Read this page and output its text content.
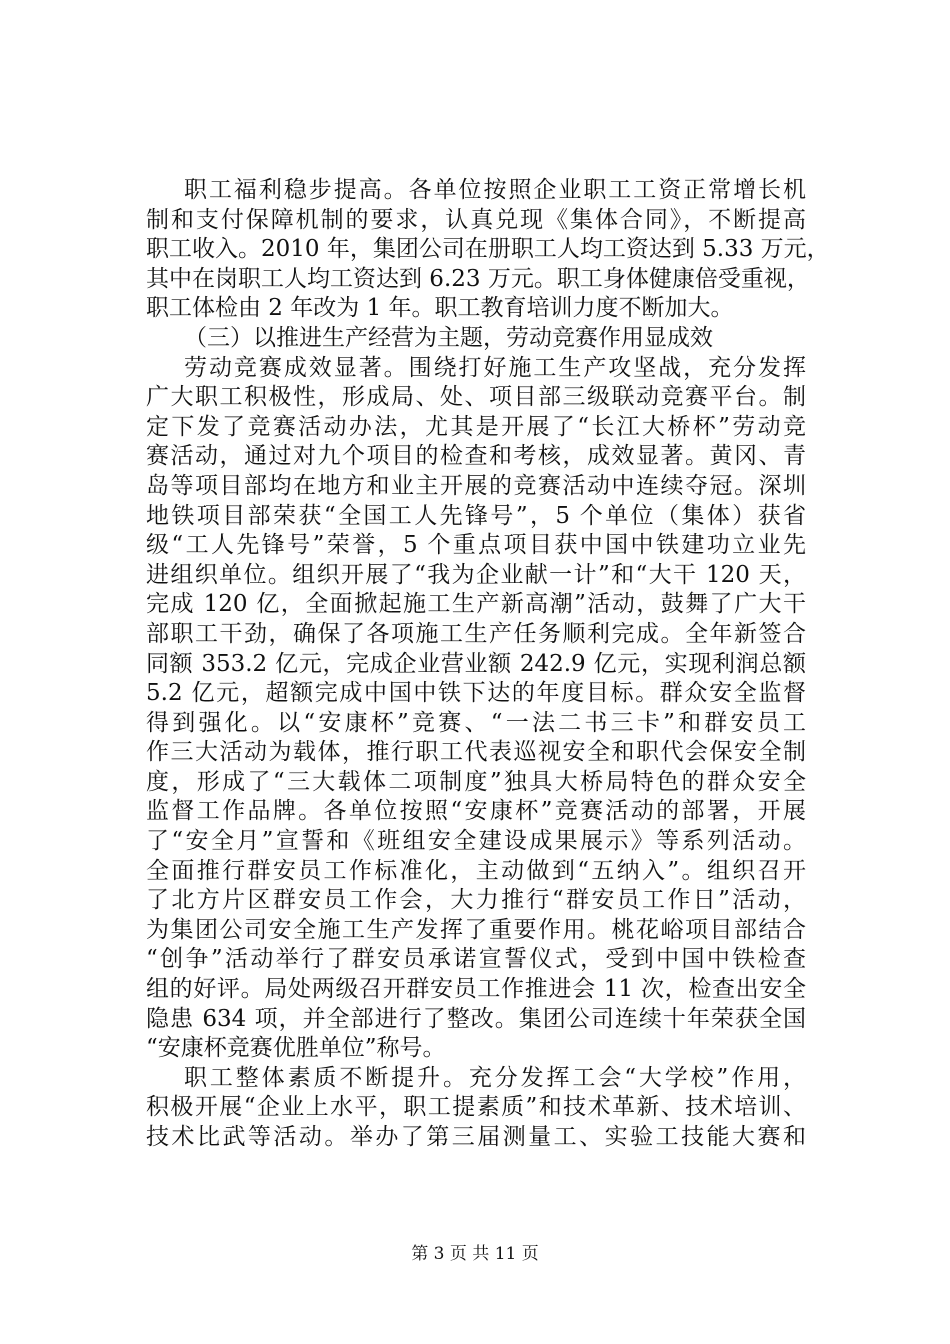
职工福利稳步提高。各单位按照企业职工工资正常增长机
制和支付保障机制的要求，认真兑现《集体合同》，不断提高
职工收入。2010 年，集团公司在册职工人均工资达到 5.33 万元，
其中在岗职工人均工资达到 6.23 万元。职工身体健康倍受重视，
职工体检由 2 年改为 1 年。职工教育培训力度不断加大。
（三）以推进生产经营为主题，劳动竞赛作用显成效
劳动竞赛成效显著。围绕打好施工生产攻坚战，充分发挥
广大职工积极性，形成局、处、项目部三级联动竞赛平台。制
定下发了竞赛活动办法，尤其是开展了“长江大桥杯”劳动竞
赛活动，通过对九个项目的检查和考核，成效显著。黄冈、青
岛等项目部均在地方和业主开展的竞赛活动中连续夺冠。深圳
地铁项目部荣获“全国工人先锋号”，5 个单位（集体）获省
级“工人先锋号”荣誉，5 个重点项目获中国中铁建功立业先
进组织单位。组织开展了“我为企业献一计”和“大干 120 天，
完成 120 亿，全面掀起施工生产新高潮”活动，鼓舞了广大干
部职工干劲，确保了各项施工生产任务顺利完成。全年新签合
同额 353.2 亿元，完成企业营业额 242.9 亿元，实现利润总额
5.2 亿元，超额完成中国中铁下达的年度目标。群众安全监督
得到强化。以“安康杯”竞赛、“一法二书三卡”和群安员工
作三大活动为载体，推行职工代表巡视安全和职代会保安全制
度，形成了“三大载体二项制度”独具大桥局特色的群众安全
监督工作品牌。各单位按照“安康杯”竞赛活动的部署，开展
了“安全月”宣誓和《班组安全建设成果展示》等系列活动。
全面推行群安员工作标准化，主动做到“五纳入”。组织召开
了北方片区群安员工作会，大力推行“群安员工作日”活动，
为集团公司安全施工生产发挥了重要作用。桃花峪项目部结合
“创争”活动举行了群安员承诺宣誓仪式，受到中国中铁检查
组的好评。局处两级召开群安员工作推进会 11 次，检查出安全
隐患 634 项，并全部进行了整改。集团公司连续十年荣获全国
“安康杯竞赛优胜单位”称号。
职工整体素质不断提升。充分发挥工会“大学校”作用，
积极开展“企业上水平，职工提素质”和技术革新、技术培训、
技术比武等活动。举办了第三届测量工、实验工技能大赛和
第 3 页 共 11 页
